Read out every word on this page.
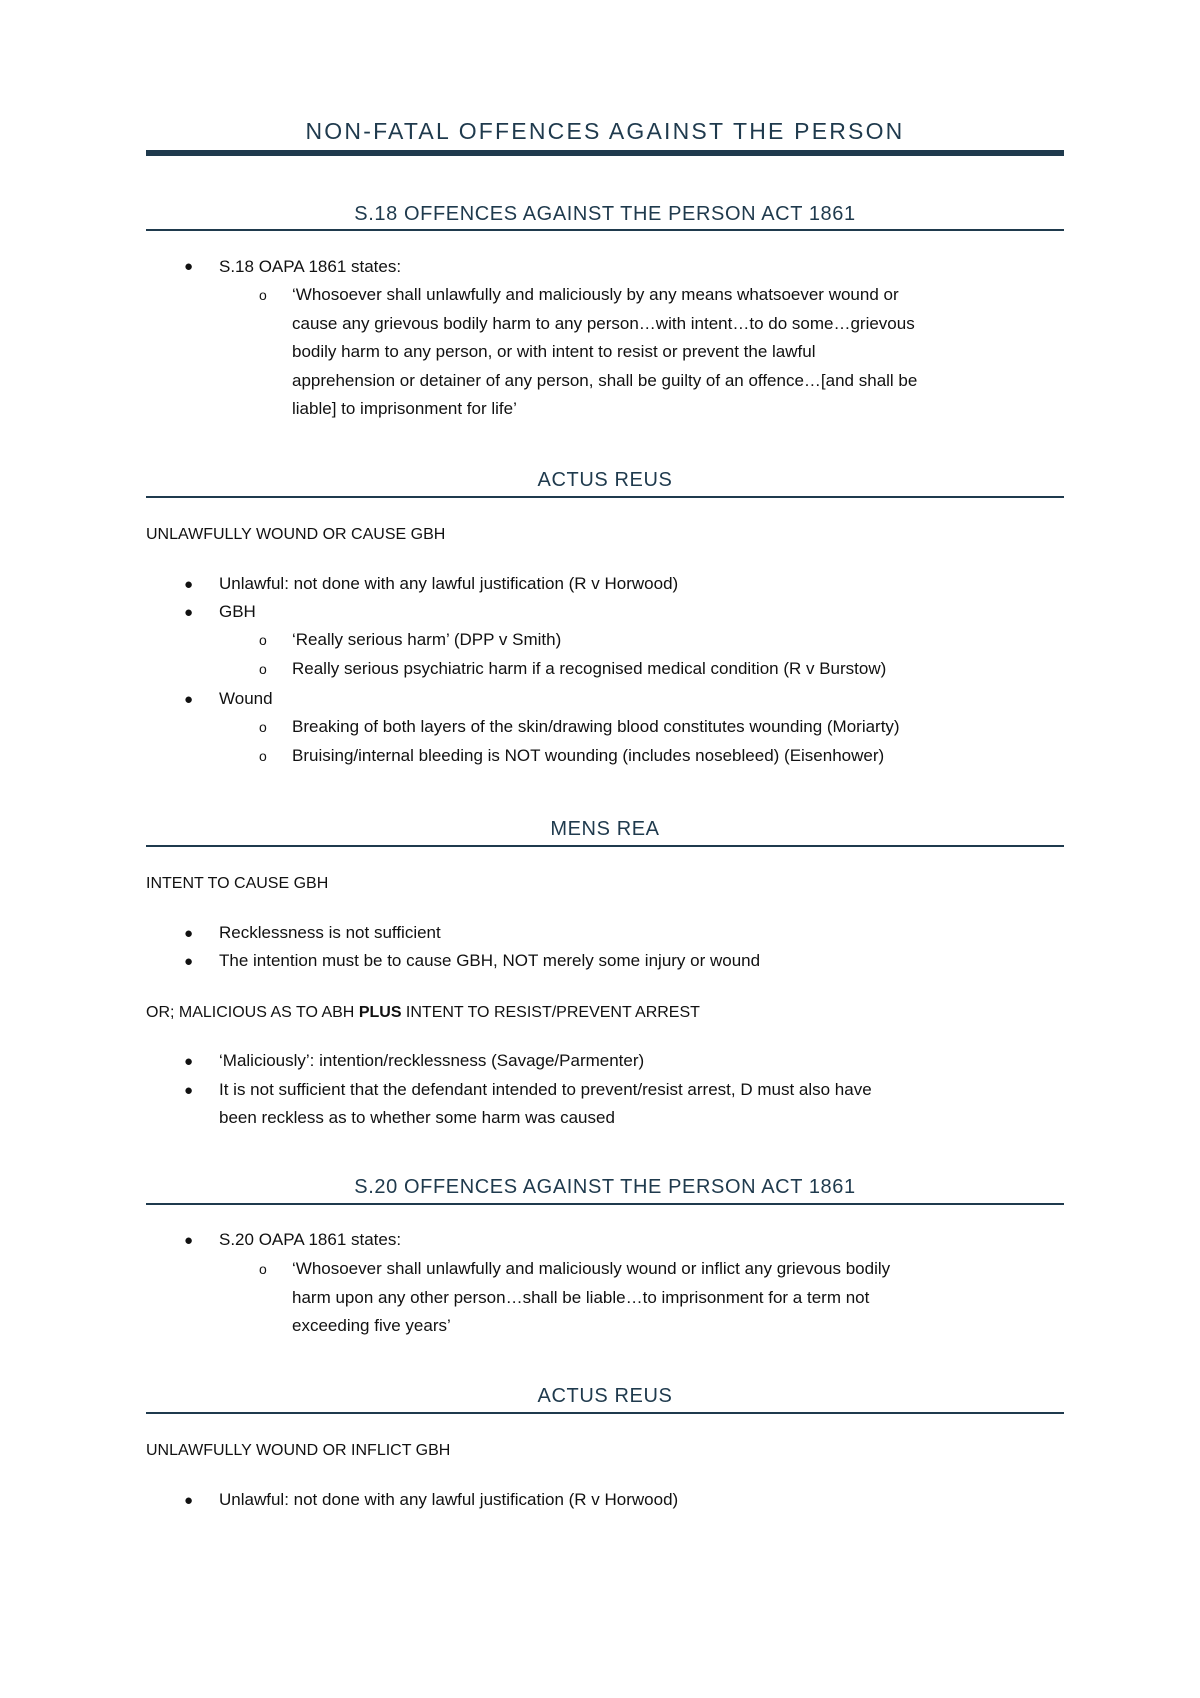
NON-FATAL OFFENCES AGAINST THE PERSON
S.18 OFFENCES AGAINST THE PERSON ACT 1861
● S.18 OAPA 1861 states:
o ‘Whosoever shall unlawfully and maliciously by any means whatsoever wound or
cause any grievous bodily harm to any person…with intent…to do some…grievous
bodily harm to any person, or with intent to resist or prevent the lawful
apprehension or detainer of any person, shall be guilty of an offence…[and shall be
liable] to imprisonment for life’
ACTUS REUS
UNLAWFULLY WOUND OR CAUSE GBH
● Unlawful: not done with any lawful justification (R v Horwood)
● GBH
o ‘Really serious harm’ (DPP v Smith)
o Really serious psychiatric harm if a recognised medical condition (R v Burstow)
● Wound
o Breaking of both layers of the skin/drawing blood constitutes wounding (Moriarty)
o Bruising/internal bleeding is NOT wounding (includes nosebleed) (Eisenhower)
MENS REA
INTENT TO CAUSE GBH
● Recklessness is not sufficient
● The intention must be to cause GBH, NOT merely some injury or wound
OR; MALICIOUS AS TO ABH PLUS INTENT TO RESIST/PREVENT ARREST
● ‘Maliciously’: intention/recklessness (Savage/Parmenter)
● It is not sufficient that the defendant intended to prevent/resist arrest, D must also have
been reckless as to whether some harm was caused
S.20 OFFENCES AGAINST THE PERSON ACT 1861
● S.20 OAPA 1861 states:
o ‘Whosoever shall unlawfully and maliciously wound or inflict any grievous bodily
harm upon any other person…shall be liable…to imprisonment for a term not
exceeding five years’
ACTUS REUS
UNLAWFULLY WOUND OR INFLICT GBH
● Unlawful: not done with any lawful justification (R v Horwood)
